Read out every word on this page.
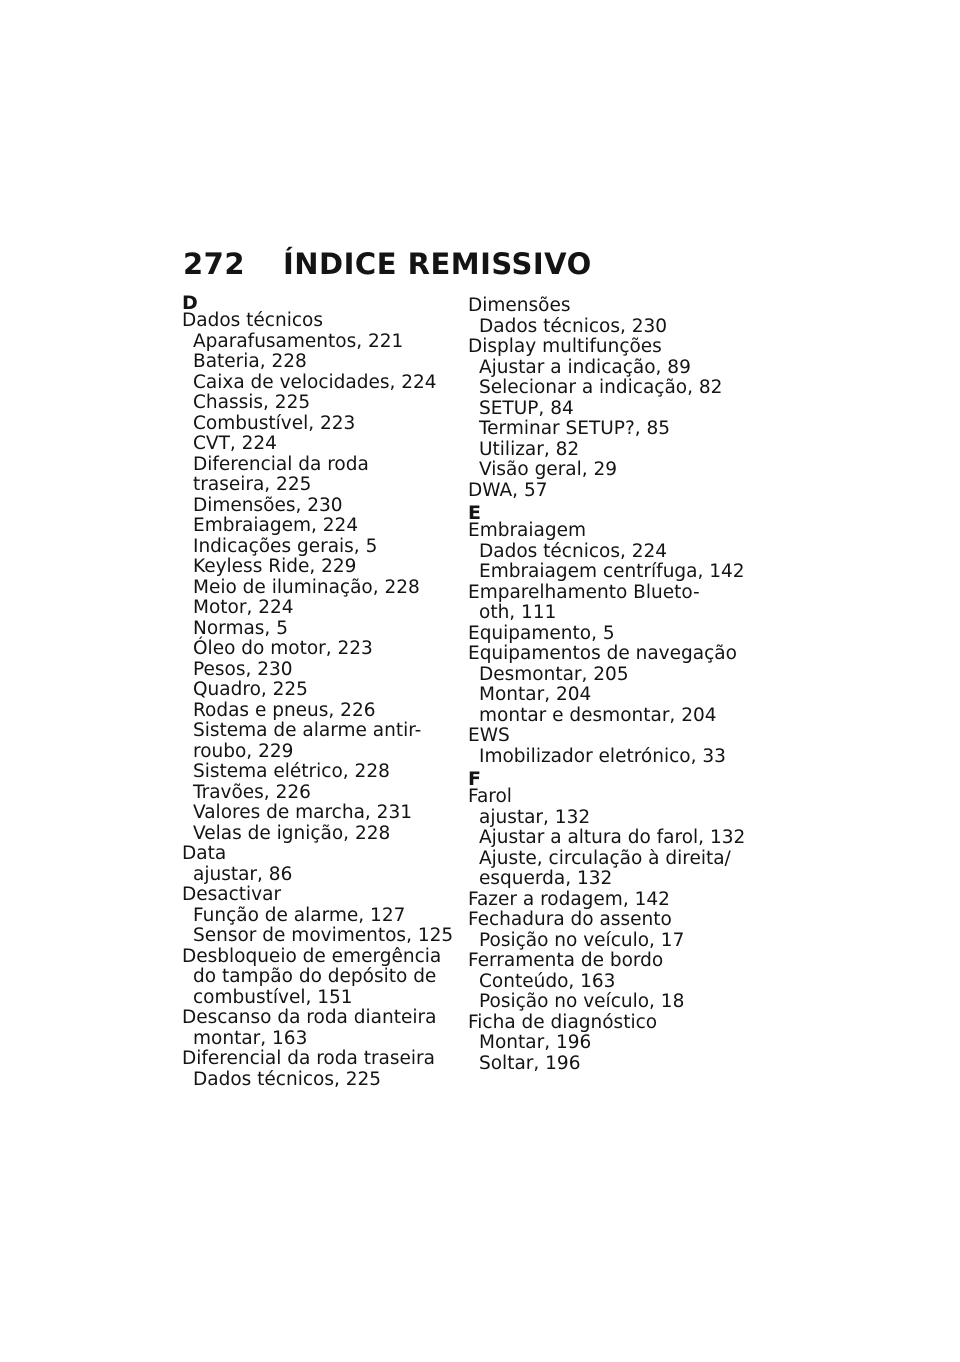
272 ÍNDICE REMISSIVO
D
Dados técnicos
Aparafusamentos, 221
Bateria, 228
Caixa de velocidades, 224
Chassis, 225
Combustível, 223
CVT, 224
Diferencial da roda
traseira, 225
Dimensões, 230
Embraiagem, 224
Indicações gerais, 5
Keyless Ride, 229
Meio de iluminação, 228
Motor, 224
Normas, 5
Óleo do motor, 223
Pesos, 230
Quadro, 225
Rodas e pneus, 226
Sistema de alarme antir-
roubo, 229
Sistema elétrico, 228
Travões, 226
Valores de marcha, 231
Velas de ignição, 228
Data
ajustar, 86
Desactivar
Função de alarme, 127
Sensor de movimentos, 125
Desbloqueio de emergência
do tampão do depósito de
combustível, 151
Descanso da roda dianteira
montar, 163
Diferencial da roda traseira
Dados técnicos, 225
Dimensões
Dados técnicos, 230
Display multifunções
Ajustar a indicação, 89
Selecionar a indicação, 82
SETUP, 84
Terminar SETUP?, 85
Utilizar, 82
Visão geral, 29
DWA, 57
E
Embraiagem
Dados técnicos, 224
Embraiagem centrífuga, 142
Emparelhamento Blueto-
oth, 111
Equipamento, 5
Equipamentos de navegação
Desmontar, 205
Montar, 204
montar e desmontar, 204
EWS
Imobilizador eletrónico, 33
F
Farol
ajustar, 132
Ajustar a altura do farol, 132
Ajuste, circulação à direita/
esquerda, 132
Fazer a rodagem, 142
Fechadura do assento
Posição no veículo, 17
Ferramenta de bordo
Conteúdo, 163
Posição no veículo, 18
Ficha de diagnóstico
Montar, 196
Soltar, 196
